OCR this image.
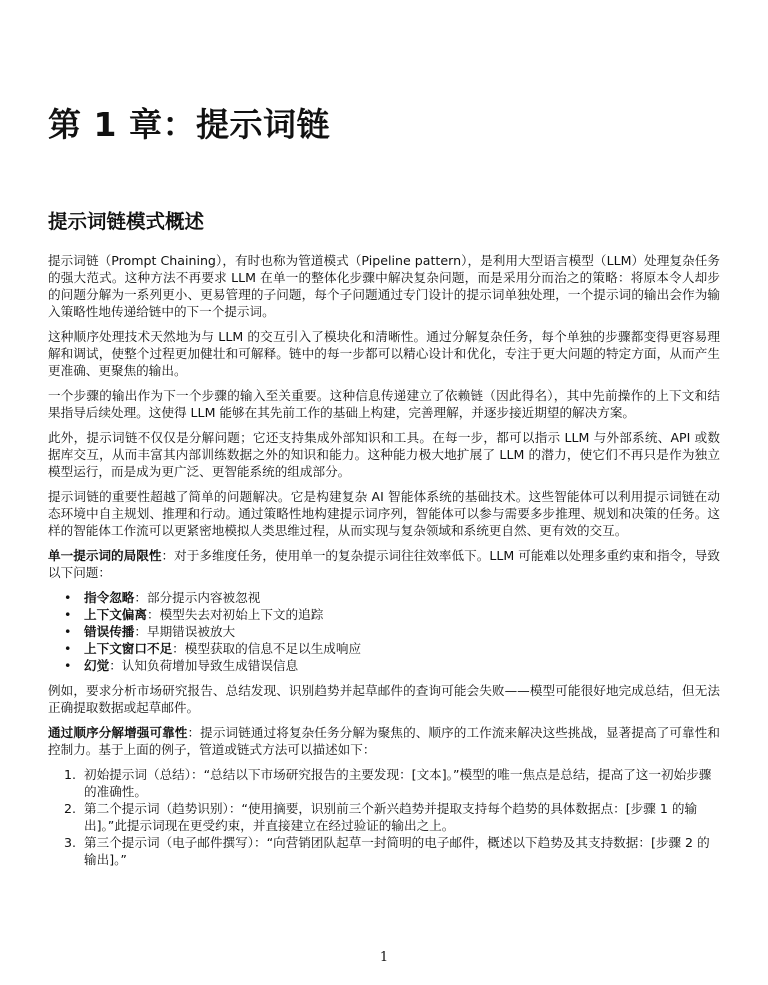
第 1 章：提示词链
提示词链模式概述

提示词链（Prompt Chaining），有时也称为管道模式（Pipeline pattern），是利用大型语言模型（LLM）处理复杂任务的强大范式。这种方法不再要求 LLM 在单一的整体化步骤中解决复杂问题，而是采用分而治之的策略：将原本令人却步的问题分解为一系列更小、更易管理的子问题，每个子问题通过专门设计的提示词单独处理，一个提示词的输出会作为输入策略性地传递给链中的下一个提示词。

这种顺序处理技术天然地为与 LLM 的交互引入了模块化和清晰性。通过分解复杂任务，每个单独的步骤都变得更容易理解和调试，使整个过程更加健壮和可解释。链中的每一步都可以精心设计和优化，专注于更大问题的特定方面，从而产生更准确、更聚焦的输出。

一个步骤的输出作为下一个步骤的输入至关重要。这种信息传递建立了依赖链（因此得名），其中先前操作的上下文和结果指导后续处理。这使得 LLM 能够在其先前工作的基础上构建，完善理解，并逐步接近期望的解决方案。

此外，提示词链不仅仅是分解问题；它还支持集成外部知识和工具。在每一步，都可以指示 LLM 与外部系统、API 或数据库交互，从而丰富其内部训练数据之外的知识和能力。这种能力极大地扩展了 LLM 的潜力，使它们不再只是作为独立模型运行，而是成为更广泛、更智能系统的组成部分。

提示词链的重要性超越了简单的问题解决。它是构建复杂 AI 智能体系统的基础技术。这些智能体可以利用提示词链在动态环境中自主规划、推理和行动。通过策略性地构建提示词序列，智能体可以参与需要多步推理、规划和决策的任务。这样的智能体工作流可以更紧密地模拟人类思维过程，从而实现与复杂领域和系统更自然、更有效的交互。

单一提示词的局限性：对于多维度任务，使用单一的复杂提示词往往效率低下。LLM 可能难以处理多重约束和指令，导致以下问题：

• 指令忽略：部分提示内容被忽视
• 上下文偏离：模型失去对初始上下文的追踪
• 错误传播：早期错误被放大
• 上下文窗口不足：模型获取的信息不足以生成响应
• 幻觉：认知负荷增加导致生成错误信息

例如，要求分析市场研究报告、总结发现、识别趋势并起草邮件的查询可能会失败——模型可能很好地完成总结，但无法正确提取数据或起草邮件。

通过顺序分解增强可靠性：提示词链通过将复杂任务分解为聚焦的、顺序的工作流来解决这些挑战，显著提高了可靠性和控制力。基于上面的例子，管道或链式方法可以描述如下：

1. 初始提示词（总结）：“总结以下市场研究报告的主要发现：[文本]。”模型的唯一焦点是总结，提高了这一初始步骤的准确性。
2. 第二个提示词（趋势识别）：“使用摘要，识别前三个新兴趋势并提取支持每个趋势的具体数据点：[步骤 1 的输出]。”此提示词现在更受约束，并直接建立在经过验证的输出之上。
3. 第三个提示词（电子邮件撰写）：“向营销团队起草一封简明的电子邮件，概述以下趋势及其支持数据：[步骤 2 的输出]。”
1
